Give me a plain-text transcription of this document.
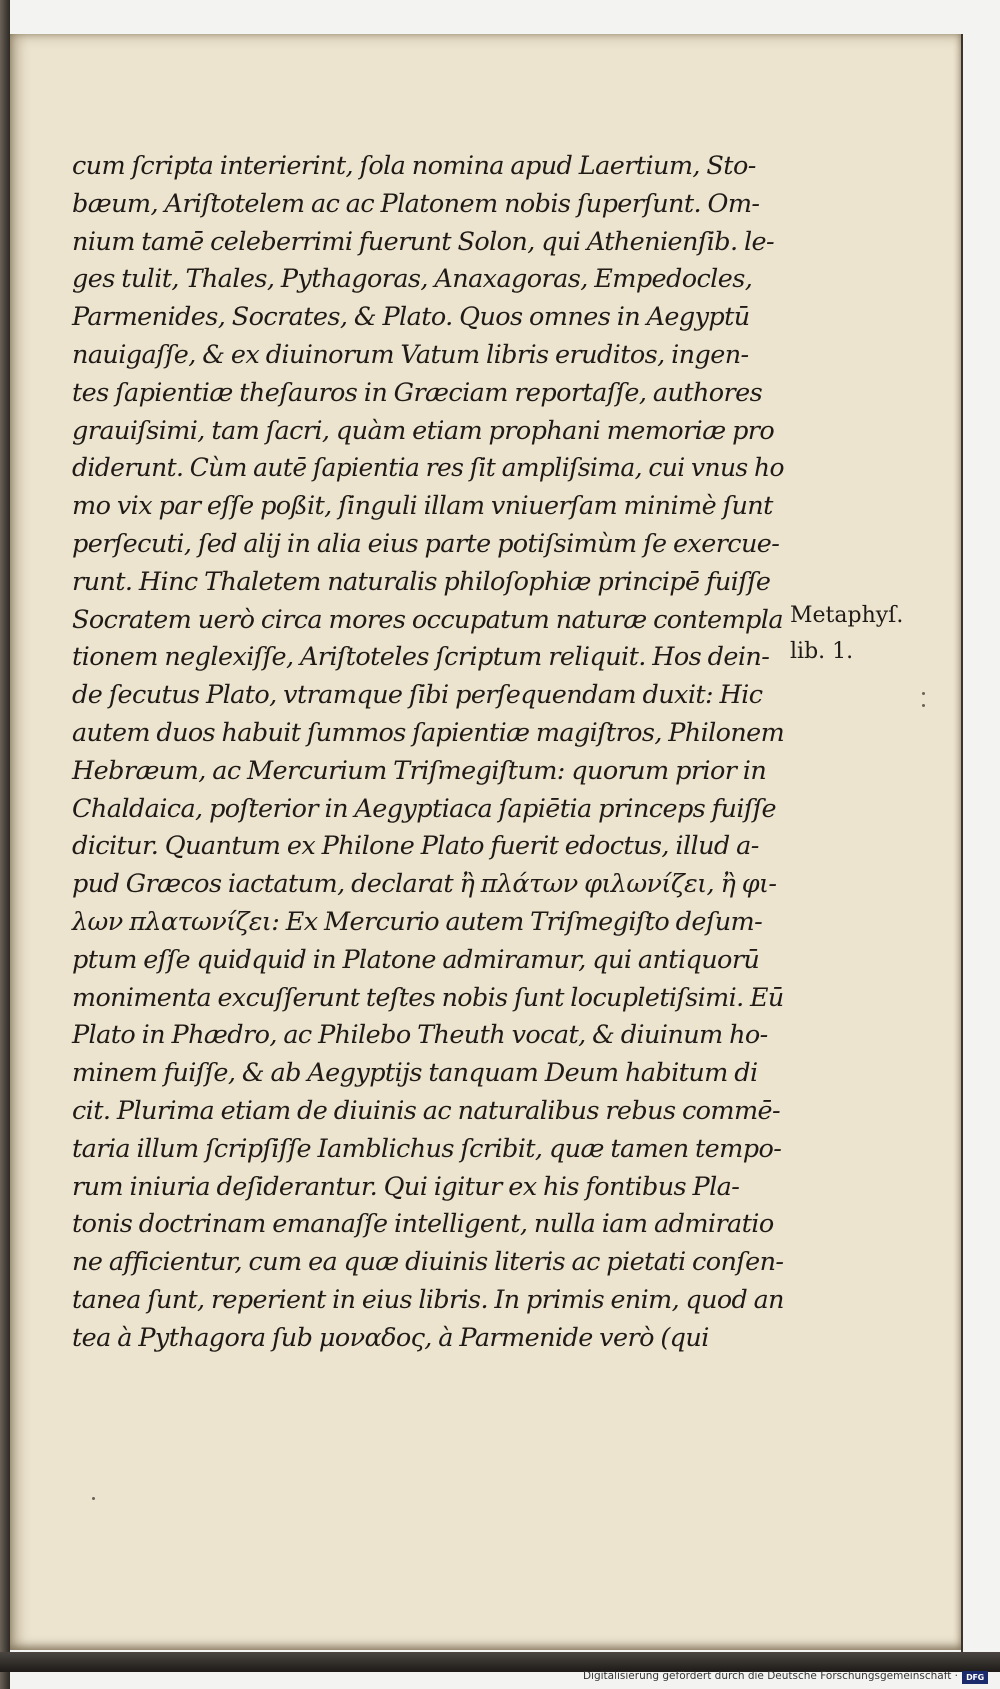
cum ſcripta interierint, ſola nomina apud Laertium, Sto-
bæum, Ariſtotelem ac ac Platonem nobis ſuperſunt. Om-
nium tamē celeberrimi fuerunt Solon, qui Athenienſib. le-
ges tulit, Thales, Pythagoras, Anaxagoras, Empedocles,
Parmenides, Socrates, & Plato. Quos omnes in Aegyptū
nauigaſſe, & ex diuinorum Vatum libris eruditos, ingen-
tes ſapientiæ theſauros in Græciam reportaſſe, authores
grauiſsimi, tam ſacri, quàm etiam prophani memoriæ pro
diderunt. Cùm autē ſapientia res ſit ampliſsima, cui vnus ho
mo vix par eſſe poßit, ſinguli illam vniuerſam minimè ſunt
perſecuti, ſed alij in alia eius parte potiſsimùm ſe exercue-
runt. Hinc Thaletem naturalis philoſophiæ principē fuiſſe
Socratem uerò circa mores occupatum naturæ contempla
tionem neglexiſſe, Ariſtoteles ſcriptum reliquit. Hos dein-
de ſecutus Plato, vtramque ſibi perſequendam duxit: Hic
autem duos habuit ſummos ſapientiæ magiſtros, Philonem
Hebræum, ac Mercurium Triſmegiſtum: quorum prior in
Chaldaica, poſterior in Aegyptiaca ſapiētia princeps fuiſſe
dicitur. Quantum ex Philone Plato fuerit edoctus, illud a-
pud Græcos iactatum, declarat ἢ πλάτων φιλωνίζει, ἢ φι-
λων πλατωνίζει: Ex Mercurio autem Triſmegiſto deſum-
ptum eſſe quidquid in Platone admiramur, qui antiquorū
monimenta excuſſerunt teſtes nobis ſunt locupletiſsimi. Eū
Plato in Phædro, ac Philebo Theuth vocat, & diuinum ho-
minem fuiſſe, & ab Aegyptijs tanquam Deum habitum di
cit. Plurima etiam de diuinis ac naturalibus rebus commē-
taria illum ſcripſiſſe Iamblichus ſcribit, quæ tamen tempo-
rum iniuria deſiderantur. Qui igitur ex his fontibus Pla-
tonis doctrinam emanaſſe intelligent, nulla iam admiratio
ne afficientur, cum ea quæ diuinis literis ac pietati conſen-
tanea ſunt, reperient in eius libris. In primis enim, quod an
tea à Pythagora ſub μοναδος, à Parmenide verò (qui
Metaphyſ.
lib. 1.
Digitalisierung gefördert durch die Deutsche Forschungsgemeinschaft ·	DFG
